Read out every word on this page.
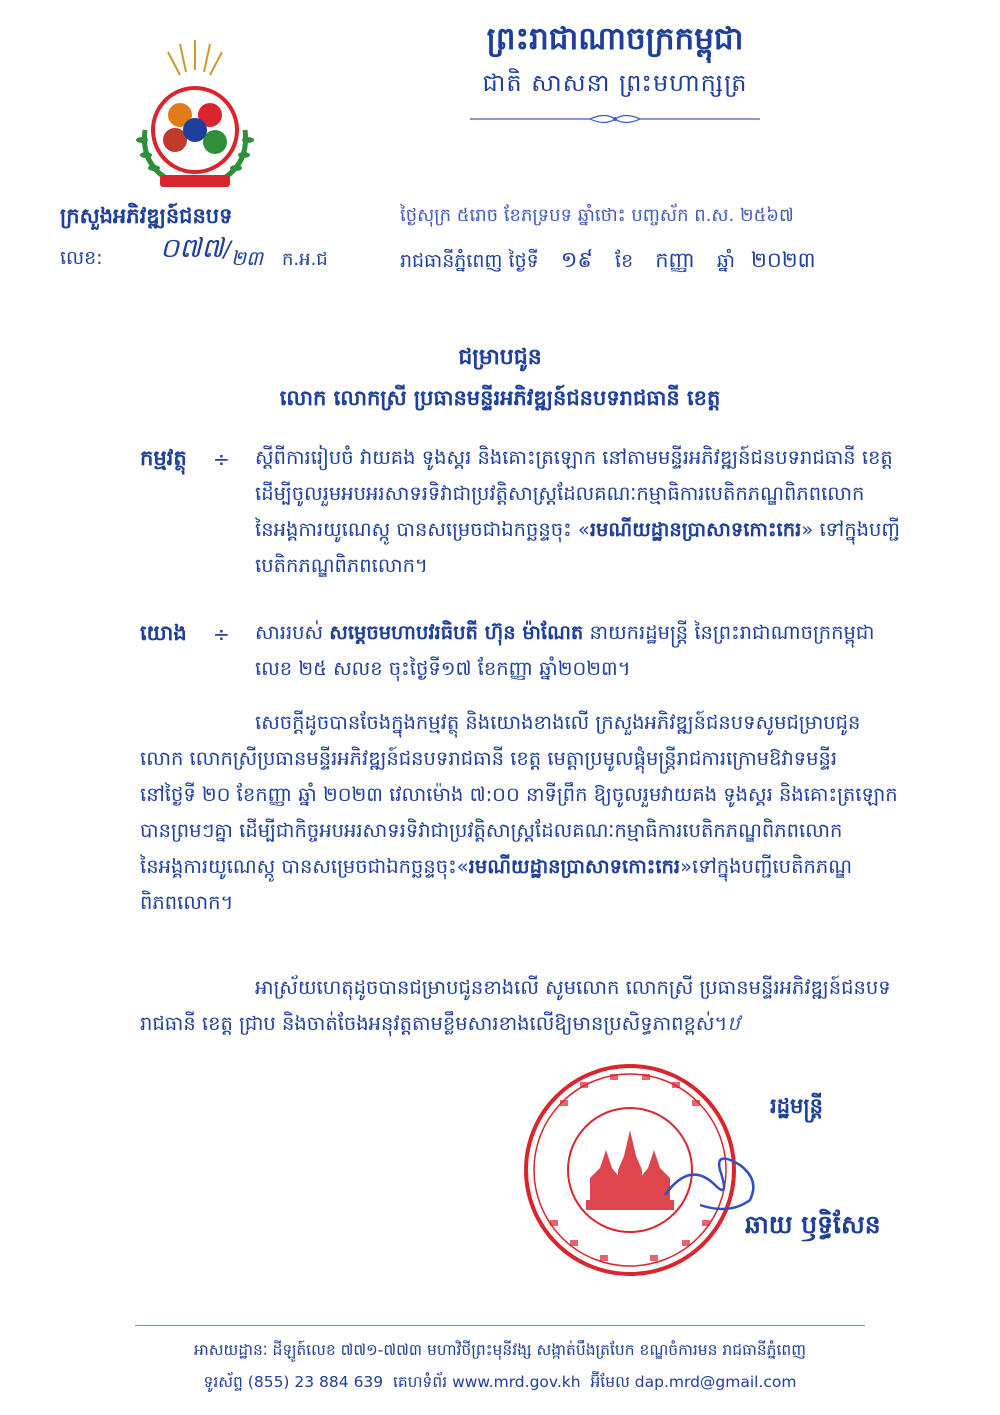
ព្រះរាជាណាចក្រកម្ពុជា
ជាតិ សាសនា ព្រះមហាក្សត្រ
ក្រសួងអភិវឌ្ឍន៍ជនបទ
លេខ: ០៧៧$/_{២៣}$ ក.អ.ជ
ថ្ងៃសុក្រ ៥រោច ខែភទ្របទ ឆ្នាំថោះ បញ្ចស័ក ព.ស. ២៥៦៧
រាជធានីភ្នំពេញ ថ្ងៃទី ១៩ ខែ កញ្ញា ឆ្នាំ ២០២៣
ជម្រាបជូន
លោក លោកស្រី ប្រធានមន្ទីរអភិវឌ្ឍន៍ជនបទរាជធានី ខេត្ត
កម្មវត្ថុ ÷ ស្តីពីការរៀបចំ វាយគង ទូងស្គរ និងគោះត្រឡោក នៅតាមមន្ទីរអភិវឌ្ឍន៍ជនបទរាជធានី ខេត្ត
ដើម្បីចូលរួមអបអរសាទរទិវាជាប្រវត្តិសាស្ត្រដែលគណៈកម្មាធិការបេតិកភណ្ឌពិភពលោក
នៃអង្គការយូណេស្កូ បានសម្រេចជាឯកច្ឆន្ទចុះ «រមណីយដ្ឋានប្រាសាទកោះកេរ» ទៅក្នុងបញ្ជី
បេតិកភណ្ឌពិភពលោក។
យោង ÷ សាររបស់ សម្តេចមហាបវរធិបតី ហ៊ុន ម៉ាណែត នាយករដ្ឋមន្ត្រី នៃព្រះរាជាណាចក្រកម្ពុជា
លេខ ២៥ សលខ ចុះថ្ងៃទី១៧ ខែកញ្ញា ឆ្នាំ២០២៣។
សេចក្តីដូចបានចែងក្នុងកម្មវត្ថុ និងយោងខាងលើ ក្រសួងអភិវឌ្ឍន៍ជនបទសូមជម្រាបជូន
លោក លោកស្រីប្រធានមន្ទីរអភិវឌ្ឍន៍ជនបទរាជធានី ខេត្ត មេត្តាប្រមូលផ្តុំមន្ត្រីរាជការក្រោមឱវាទមន្ទីរ
នៅថ្ងៃទី ២០ ខែកញ្ញា ឆ្នាំ ២០២៣ វេលាម៉ោង ៧:០០ នាទីព្រឹក ឱ្យចូលរួមវាយគង ទូងស្គរ និងគោះត្រឡោក
បានព្រមៗគ្នា ដើម្បីជាកិច្ចអបអរសាទរទិវាជាប្រវត្តិសាស្ត្រដែលគណៈកម្មាធិការបេតិកភណ្ឌពិភពលោក
នៃអង្គការយូណេស្កូ បានសម្រេចជាឯកច្ឆន្ទចុះ«រមណីយដ្ឋានប្រាសាទកោះកេរ»ទៅក្នុងបញ្ជីបេតិកភណ្ឌ
ពិភពលោក។
អាស្រ័យហេតុដូចបានជម្រាបជូនខាងលើ សូមលោក លោកស្រី ប្រធានមន្ទីរអភិវឌ្ឍន៍ជនបទ
រាជធានី ខេត្ត ជ្រាប និងចាត់ចែងអនុវត្តតាមខ្លឹមសារខាងលើឱ្យមានប្រសិទ្ធភាពខ្ពស់។ឋ
រដ្ឋមន្ត្រី
ឆាយ ឫទ្ធិសែន
អាសយដ្ឋានៈ ដីឡូត៍លេខ ៧៧១-៧៧៣ មហាវិថីព្រះមុនីវង្ស សង្កាត់បឹងត្របែក ខណ្ឌចំការមន រាជធានីភ្នំពេញ
ទូរស័ព្ទ (855) 23 884 639 គេហទំព័រ www.mrd.gov.kh អ៊ីមែល dap.mrd@gmail.com
